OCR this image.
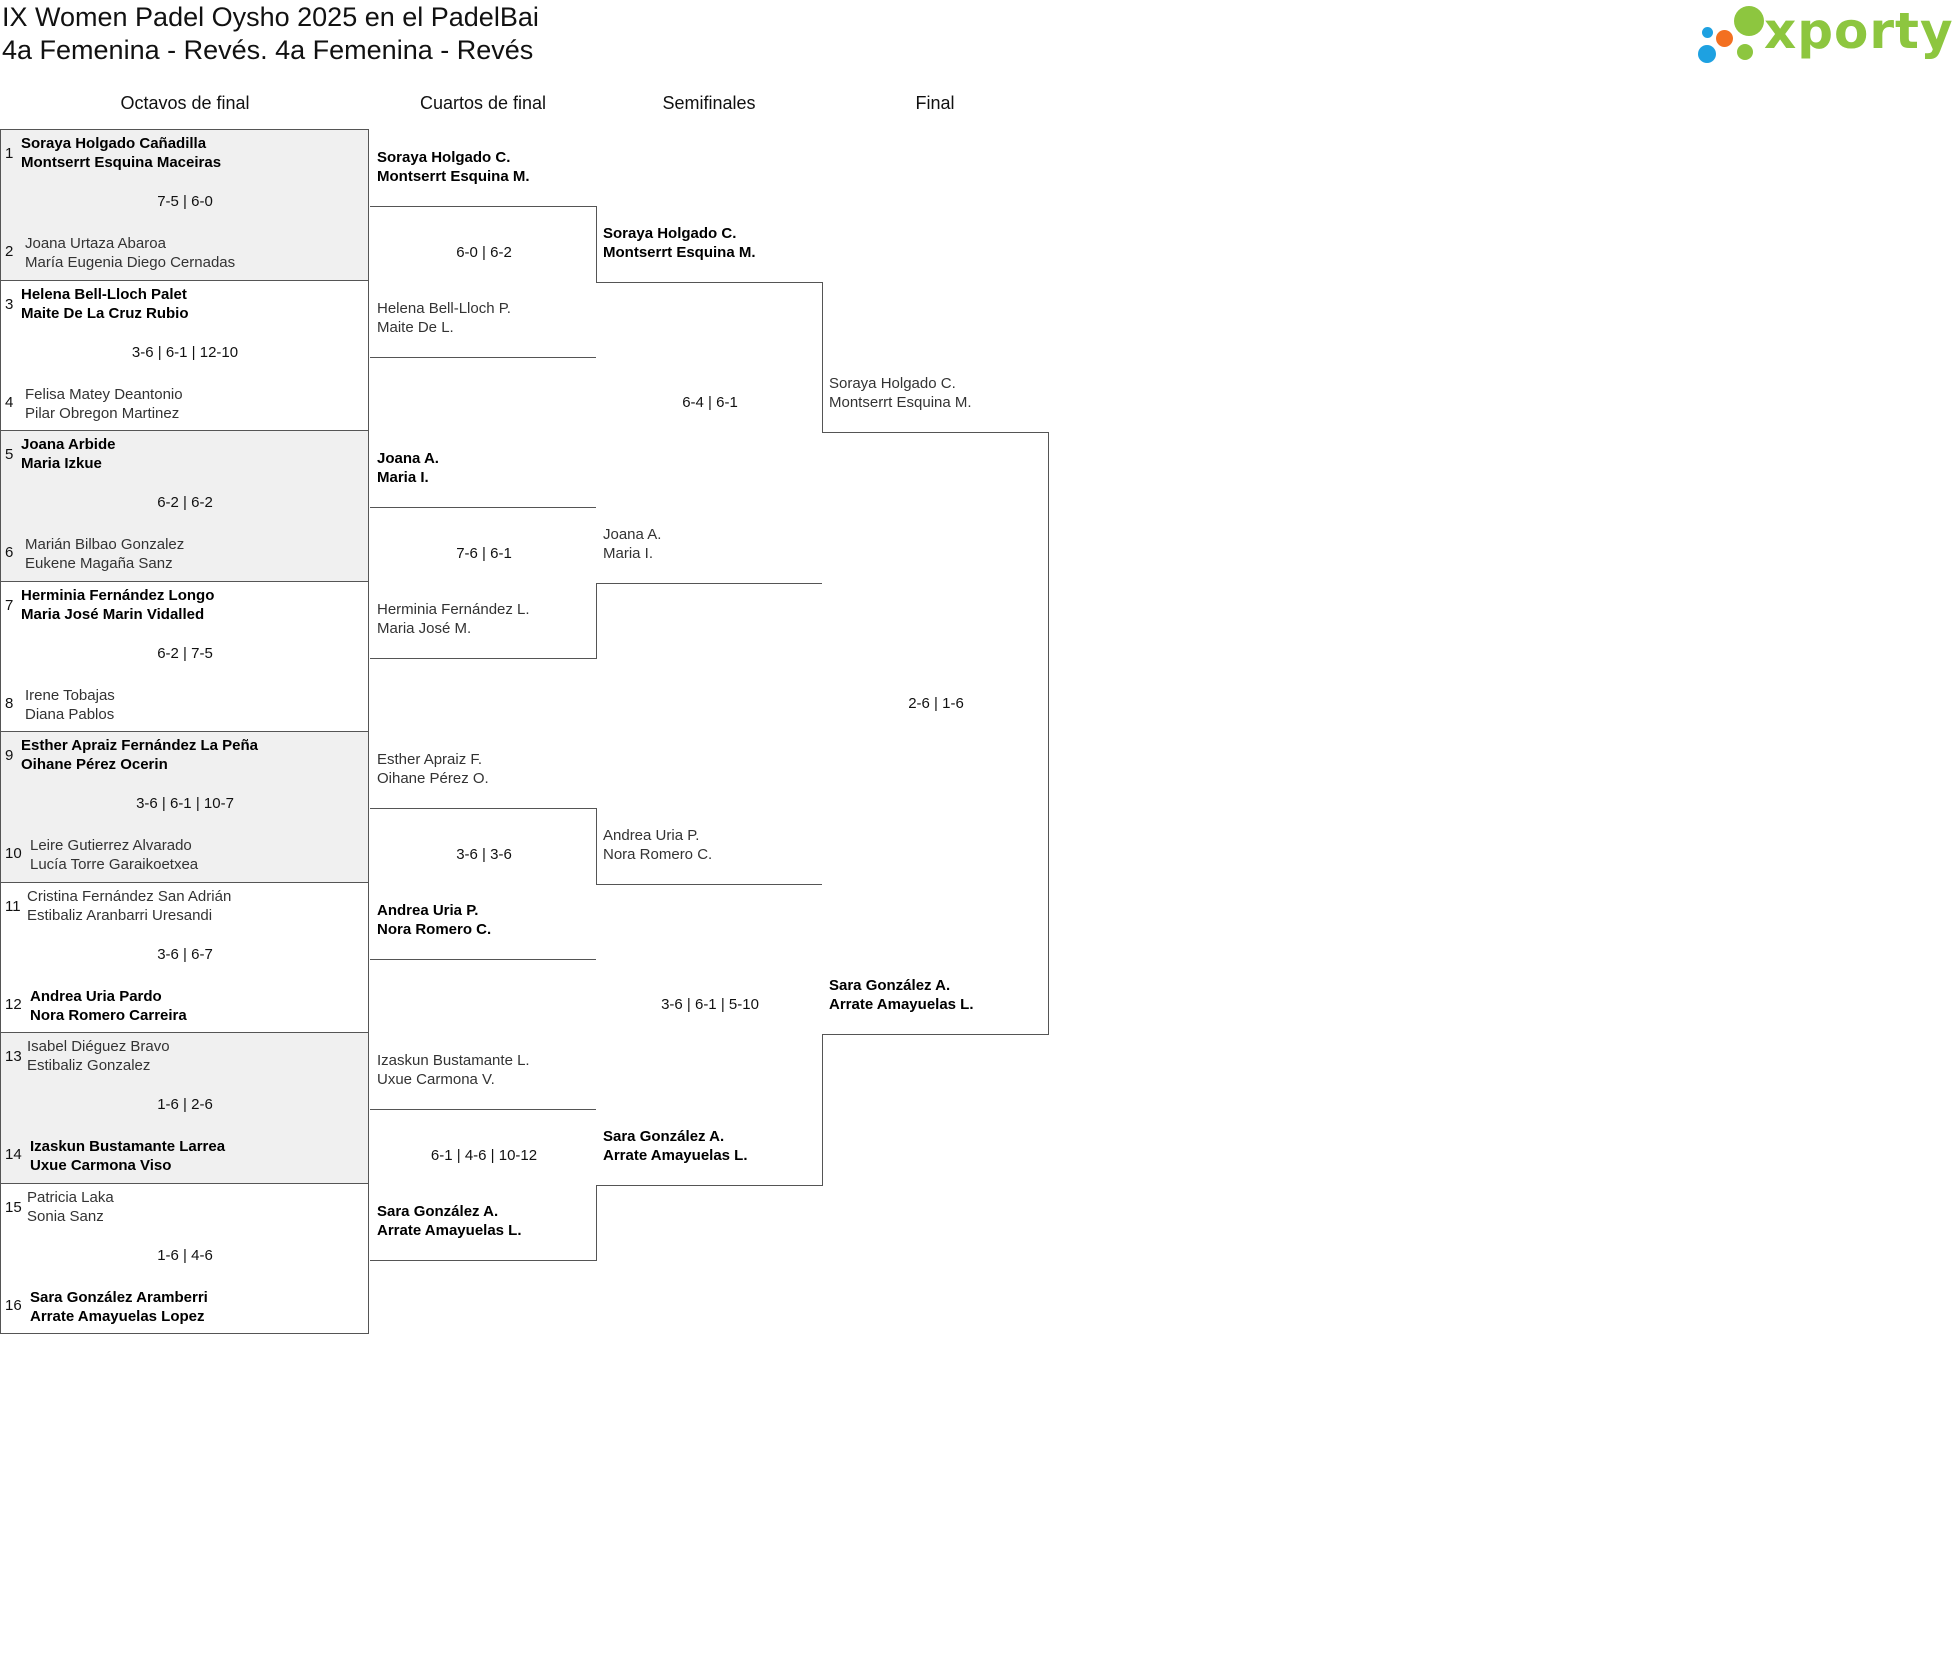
IX Women Padel Oysho 2025 en el PadelBai
4a Femenina - Revés. 4a Femenina - Revés	xporty
Octavos de final	Cuartos de final	Semifinales	Final
1
2
Soraya Holgado Cañadilla
Montserrt Esquina Maceiras
Joana Urtaza Abaroa
María Eugenia Diego Cernadas
7-5 | 6-0
3
4
Helena Bell-Lloch Palet
Maite De La Cruz Rubio
Felisa Matey Deantonio
Pilar Obregon Martinez
3-6 | 6-1 | 12-10
5
6
Joana Arbide
Maria Izkue
Marián Bilbao Gonzalez
Eukene Magaña Sanz
6-2 | 6-2
7
8
Herminia Fernández Longo
Maria José Marin Vidalled
Irene Tobajas
Diana Pablos
6-2 | 7-5
9
10
Esther Apraiz Fernández La Peña
Oihane Pérez Ocerin
Leire Gutierrez Alvarado
Lucía Torre Garaikoetxea
3-6 | 6-1 | 10-7
11
12
Cristina Fernández San Adrián
Estibaliz Aranbarri Uresandi
Andrea Uria Pardo
Nora Romero Carreira
3-6 | 6-7
13
14
Isabel Diéguez Bravo
Estibaliz Gonzalez
Izaskun Bustamante Larrea
Uxue Carmona Viso
1-6 | 2-6
15
16
Patricia Laka
Sonia Sanz
Sara González Aramberri
Arrate Amayuelas Lopez
1-6 | 4-6
Soraya Holgado C.
Montserrt Esquina M.
Helena Bell-Lloch P.
Maite De L.
6-0 | 6-2
Joana A.
Maria I.
Herminia Fernández L.
Maria José M.
7-6 | 6-1
Esther Apraiz F.
Oihane Pérez O.
Andrea Uria P.
Nora Romero C.
3-6 | 3-6
Izaskun Bustamante L.
Uxue Carmona V.
Sara González A.
Arrate Amayuelas L.
6-1 | 4-6 | 10-12
Soraya Holgado C.
Montserrt Esquina M.
Joana A.
Maria I.
6-4 | 6-1
Andrea Uria P.
Nora Romero C.
Sara González A.
Arrate Amayuelas L.
3-6 | 6-1 | 5-10
Soraya Holgado C.
Montserrt Esquina M.
Sara González A.
Arrate Amayuelas L.
2-6 | 1-6
